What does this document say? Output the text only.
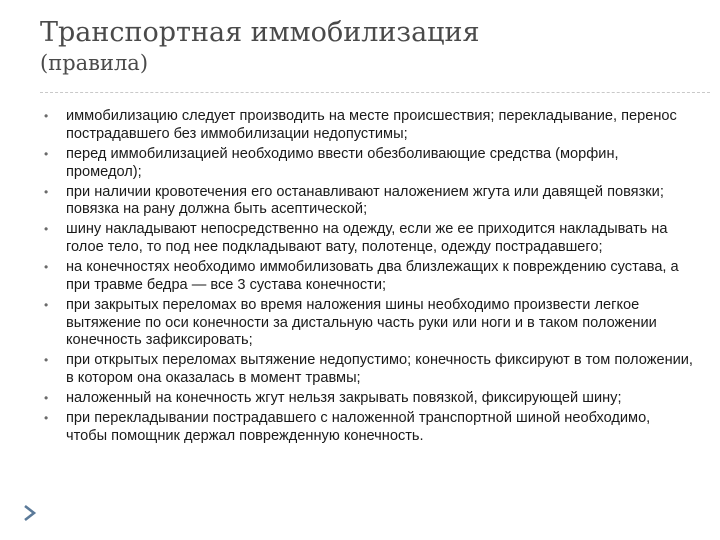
Транспортная иммобилизация
(правила)
• иммобилизацию следует производить на месте происшествия; перекладывание, перенос пострадавшего без иммобилизации недопустимы;
• перед иммобилизацией необходимо ввести обезболивающие средства (морфин, промедол);
• при наличии кровотечения его останавливают наложением жгута или давящей повязки; повязка на рану должна быть асептической;
• шину накладывают непосредственно на одежду, если же ее приходится накладывать на голое тело, то под нее подкладывают вату, полотенце, одежду пострадавшего;
• на конечностях необходимо иммобилизовать два близлежащих к повреждению сустава, а при травме бедра — все 3 сустава конечности;
• при закрытых переломах во время наложения шины необходимо произвести легкое вытяжение по оси конечности за дистальную часть руки или ноги и в таком положении конечность зафиксировать;
• при открытых переломах вытяжение недопустимо; конечность фиксируют в том положении, в котором она оказалась в момент травмы;
• наложенный на конечность жгут нельзя закрывать повязкой, фиксирующей шину;
• при перекладывании пострадавшего с наложенной транспортной шиной необходимо, чтобы помощник держал поврежденную конечность.
